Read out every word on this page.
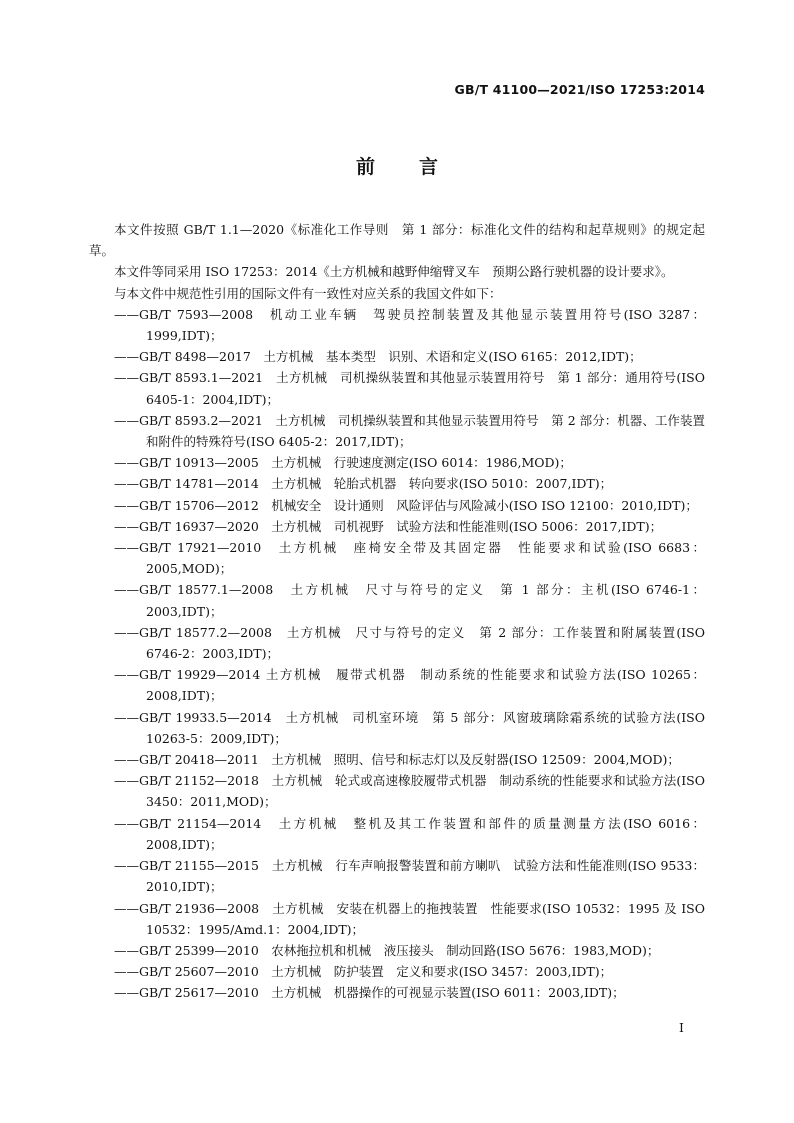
GB/T 41100—2021/ISO 17253:2014
前言

本文件按照 GB/T 1.1—2020《标准化工作导则　第 1 部分：标准化文件的结构和起草规则》的规定起草。

本文件等同采用 ISO 17253：2014《土方机械和越野伸缩臂叉车　预期公路行驶机器的设计要求》。

与本文件中规范性引用的国际文件有一致性对应关系的我国文件如下：

——GB/T 7593—2008　机动工业车辆　驾驶员控制装置及其他显示装置用符号(ISO 3287：1999,IDT)；

——GB/T 8498—2017　土方机械　基本类型　识别、术语和定义(ISO 6165：2012,IDT)；

——GB/T 8593.1—2021　土方机械　司机操纵装置和其他显示装置用符号　第 1 部分：通用符号(ISO 6405-1：2004,IDT)；

——GB/T 8593.2—2021　土方机械　司机操纵装置和其他显示装置用符号　第 2 部分：机器、工作装置和附件的特殊符号(ISO 6405-2：2017,IDT)；

——GB/T 10913—2005　土方机械　行驶速度测定(ISO 6014：1986,MOD)；

——GB/T 14781—2014　土方机械　轮胎式机器　转向要求(ISO 5010：2007,IDT)；

——GB/T 15706—2012　机械安全　设计通则　风险评估与风险减小(ISO ISO 12100：2010,IDT)；

——GB/T 16937—2020　土方机械　司机视野　试验方法和性能准则(ISO 5006：2017,IDT)；

——GB/T 17921—2010　土方机械　座椅安全带及其固定器　性能要求和试验(ISO 6683：2005,MOD)；

——GB/T 18577.1—2008　土方机械　尺寸与符号的定义　第 1 部分：主机(ISO 6746-1：2003,IDT)；

——GB/T 18577.2—2008　土方机械　尺寸与符号的定义　第 2 部分：工作装置和附属装置(ISO 6746-2：2003,IDT)；

——GB/T 19929—2014 土方机械　履带式机器　制动系统的性能要求和试验方法(ISO 10265：2008,IDT)；

——GB/T 19933.5—2014　土方机械　司机室环境　第 5 部分：风窗玻璃除霜系统的试验方法(ISO 10263-5：2009,IDT)；

——GB/T 20418—2011　土方机械　照明、信号和标志灯以及反射器(ISO 12509：2004,MOD)；

——GB/T 21152—2018　土方机械　轮式或高速橡胶履带式机器　制动系统的性能要求和试验方法(ISO 3450：2011,MOD)；

——GB/T 21154—2014　土方机械　整机及其工作装置和部件的质量测量方法(ISO 6016：2008,IDT)；

——GB/T 21155—2015　土方机械　行车声响报警装置和前方喇叭　试验方法和性能准则(ISO 9533：2010,IDT)；

——GB/T 21936—2008　土方机械　安装在机器上的拖拽装置　性能要求(ISO 10532：1995 及 ISO 10532：1995/Amd.1：2004,IDT)；

——GB/T 25399—2010　农林拖拉机和机械　液压接头　制动回路(ISO 5676：1983,MOD)；

——GB/T 25607—2010　土方机械　防护装置　定义和要求(ISO 3457：2003,IDT)；

——GB/T 25617—2010　土方机械　机器操作的可视显示装置(ISO 6011：2003,IDT)；

I
